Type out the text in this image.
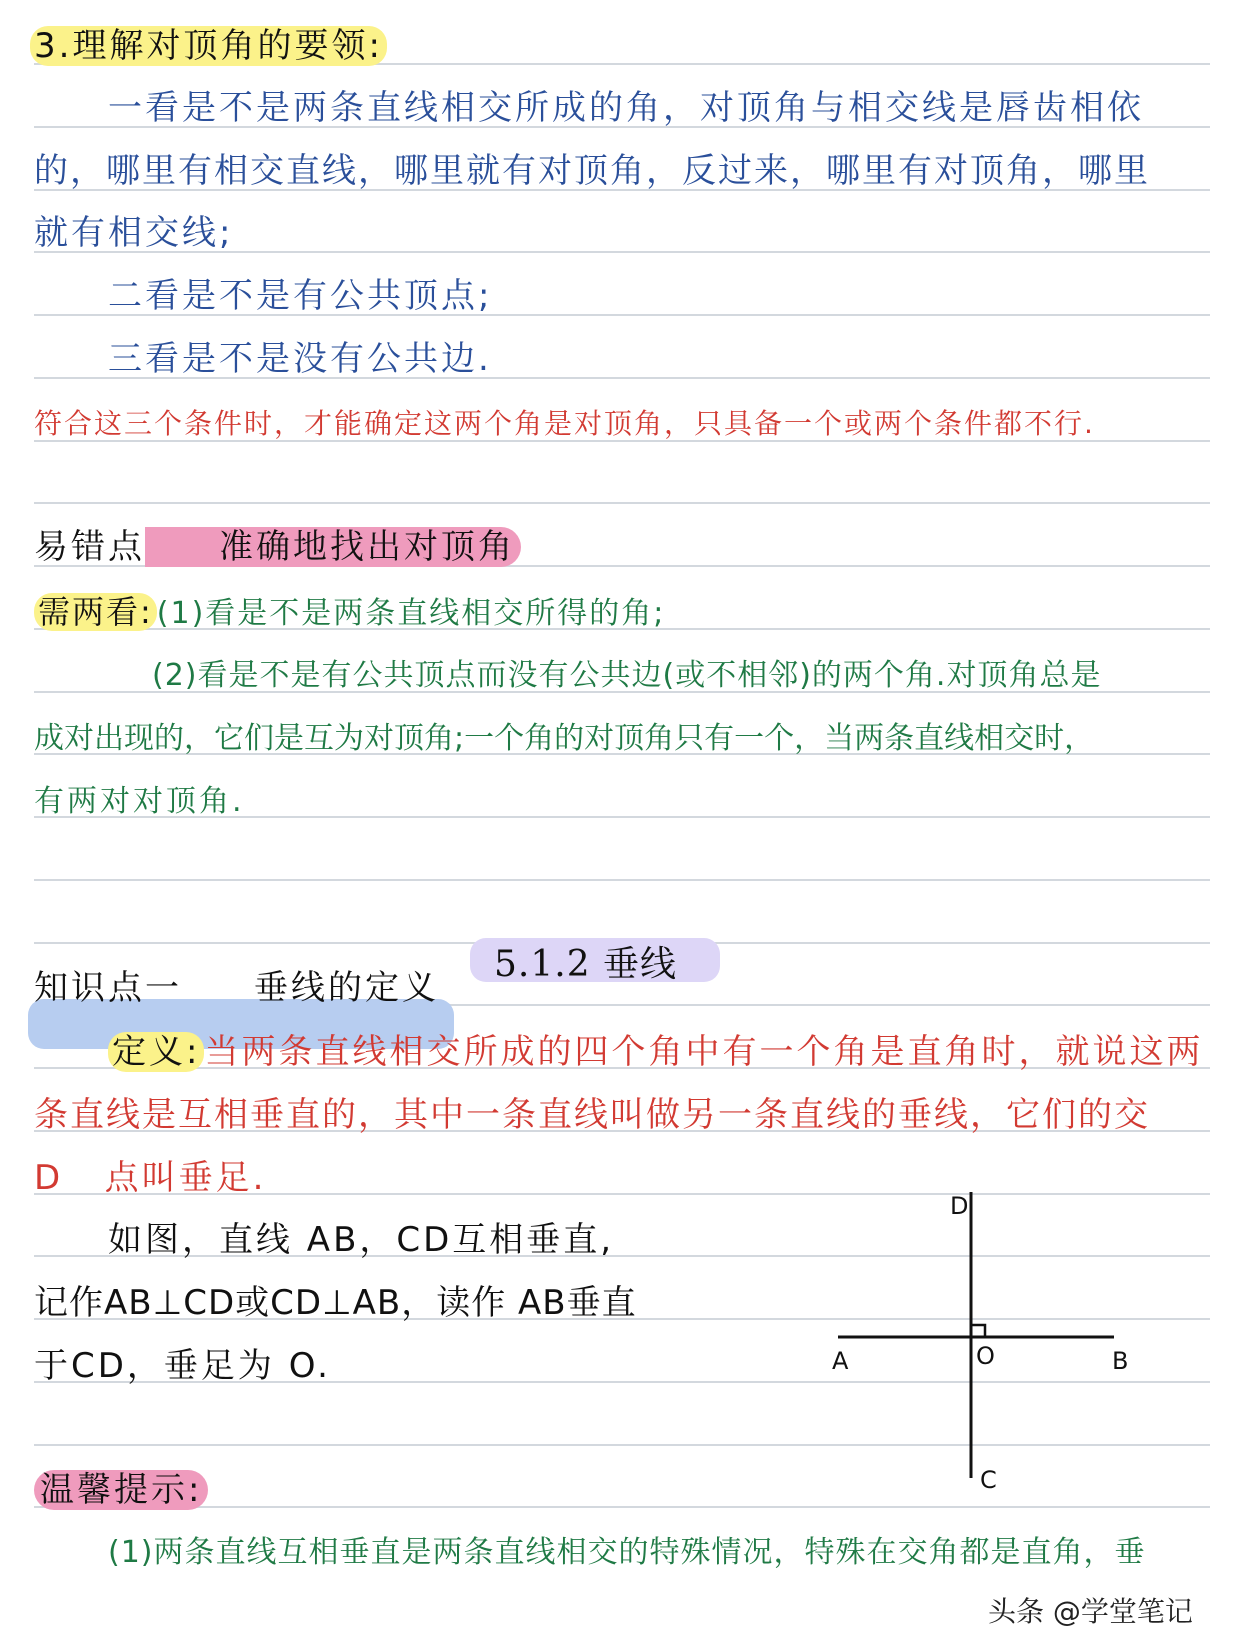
3.理解对顶角的要领:
一看是不是两条直线相交所成的角，对顶角与相交线是唇齿相依
的，哪里有相交直线，哪里就有对顶角，反过来，哪里有对顶角，哪里
就有相交线;
二看是不是有公共顶点;
三看是不是没有公共边.
符合这三个条件时，才能确定这两个角是对顶角，只具备一个或两个条件都不行.
易错点 准确地找出对顶角
需两看: (1)看是不是两条直线相交所得的角;
(2)看是不是有公共顶点而没有公共边(或不相邻)的两个角.对顶角总是
成对出现的，它们是互为对顶角;一个角的对顶角只有一个，当两条直线相交时，
有两对对顶角.
5.1.2 垂线
知识点一 垂线的定义
定义: 当两条直线相交所成的四个角中有一个角是直角时，就说这两
条直线是互相垂直的，其中一条直线叫做另一条直线的垂线，它们的交
D   点叫垂足.
如图，直线 AB，CD互相垂直,
记作AB⊥CD或CD⊥AB，读作 AB垂直
于CD，垂足为 O.
D
A	O	B
C
温馨提示:
(1)两条直线互相垂直是两条直线相交的特殊情况，特殊在交角都是直角，垂
头条 @学堂笔记
